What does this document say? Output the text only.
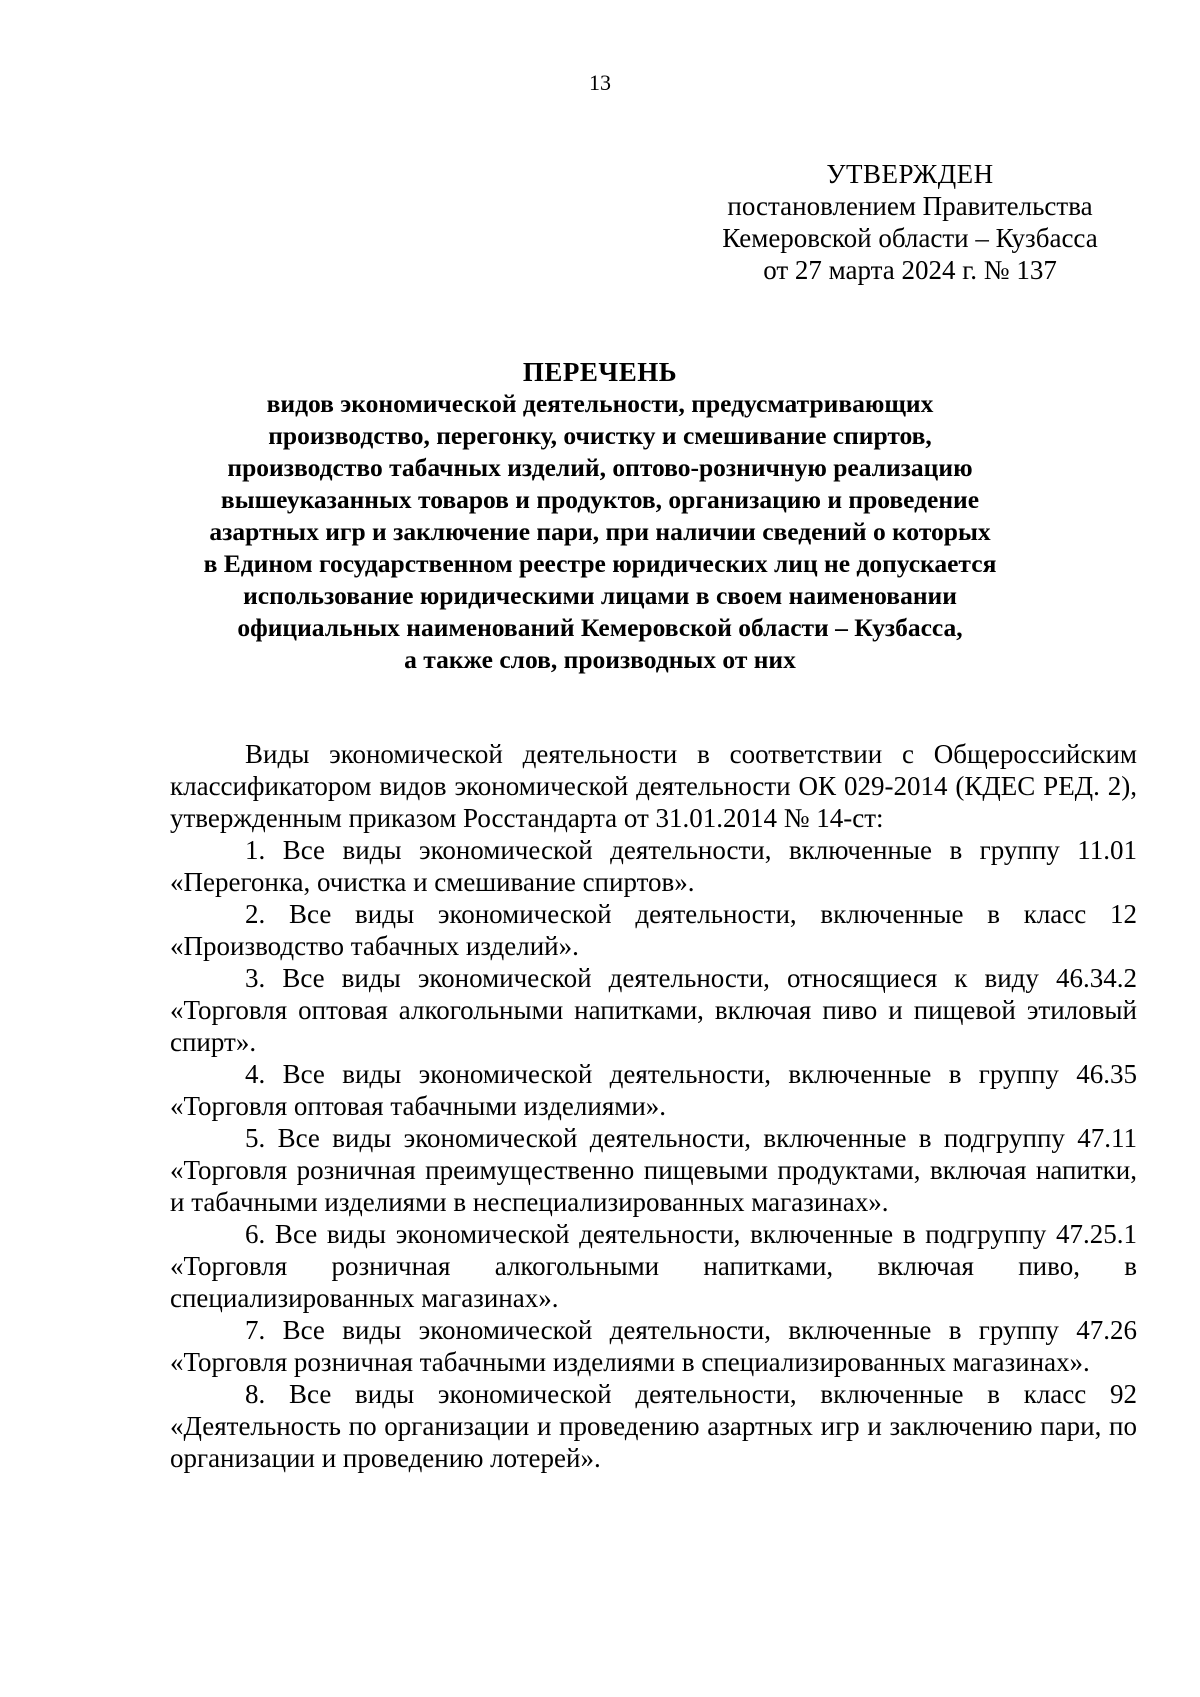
13
УТВЕРЖДЕН
постановлением Правительства
Кемеровской области – Кузбасса
от 27 марта 2024 г. № 137
ПЕРЕЧЕНЬ
видов экономической деятельности, предусматривающих
производство, перегонку, очистку и смешивание спиртов,
производство табачных изделий, оптово-розничную реализацию
вышеуказанных товаров и продуктов, организацию и проведение
азартных игр и заключение пари, при наличии сведений о которых
в Едином государственном реестре юридических лиц не допускается
использование юридическими лицами в своем наименовании
официальных наименований Кемеровской области – Кузбасса,
а также слов, производных от них

Виды экономической деятельности в соответствии с Общероссийским классификатором видов экономической деятельности ОК 029-2014 (КДЕС РЕД. 2), утвержденным приказом Росстандарта от 31.01.2014 № 14-ст:

1. Все виды экономической деятельности, включенные в группу 11.01 «Перегонка, очистка и смешивание спиртов».

2. Все виды экономической деятельности, включенные в класс 12 «Производство табачных изделий».

3. Все виды экономической деятельности, относящиеся к виду 46.34.2 «Торговля оптовая алкогольными напитками, включая пиво и пищевой этиловый спирт».

4. Все виды экономической деятельности, включенные в группу 46.35 «Торговля оптовая табачными изделиями».

5. Все виды экономической деятельности, включенные в подгруппу 47.11 «Торговля розничная преимущественно пищевыми продуктами, включая напитки, и табачными изделиями в неспециализированных магазинах».

6. Все виды экономической деятельности, включенные в подгруппу 47.25.1 «Торговля розничная алкогольными напитками, включая пиво, в специализированных магазинах».

7. Все виды экономической деятельности, включенные в группу 47.26 «Торговля розничная табачными изделиями в специализированных магазинах».

8. Все виды экономической деятельности, включенные в класс 92 «Деятельность по организации и проведению азартных игр и заключению пари, по организации и проведению лотерей».
